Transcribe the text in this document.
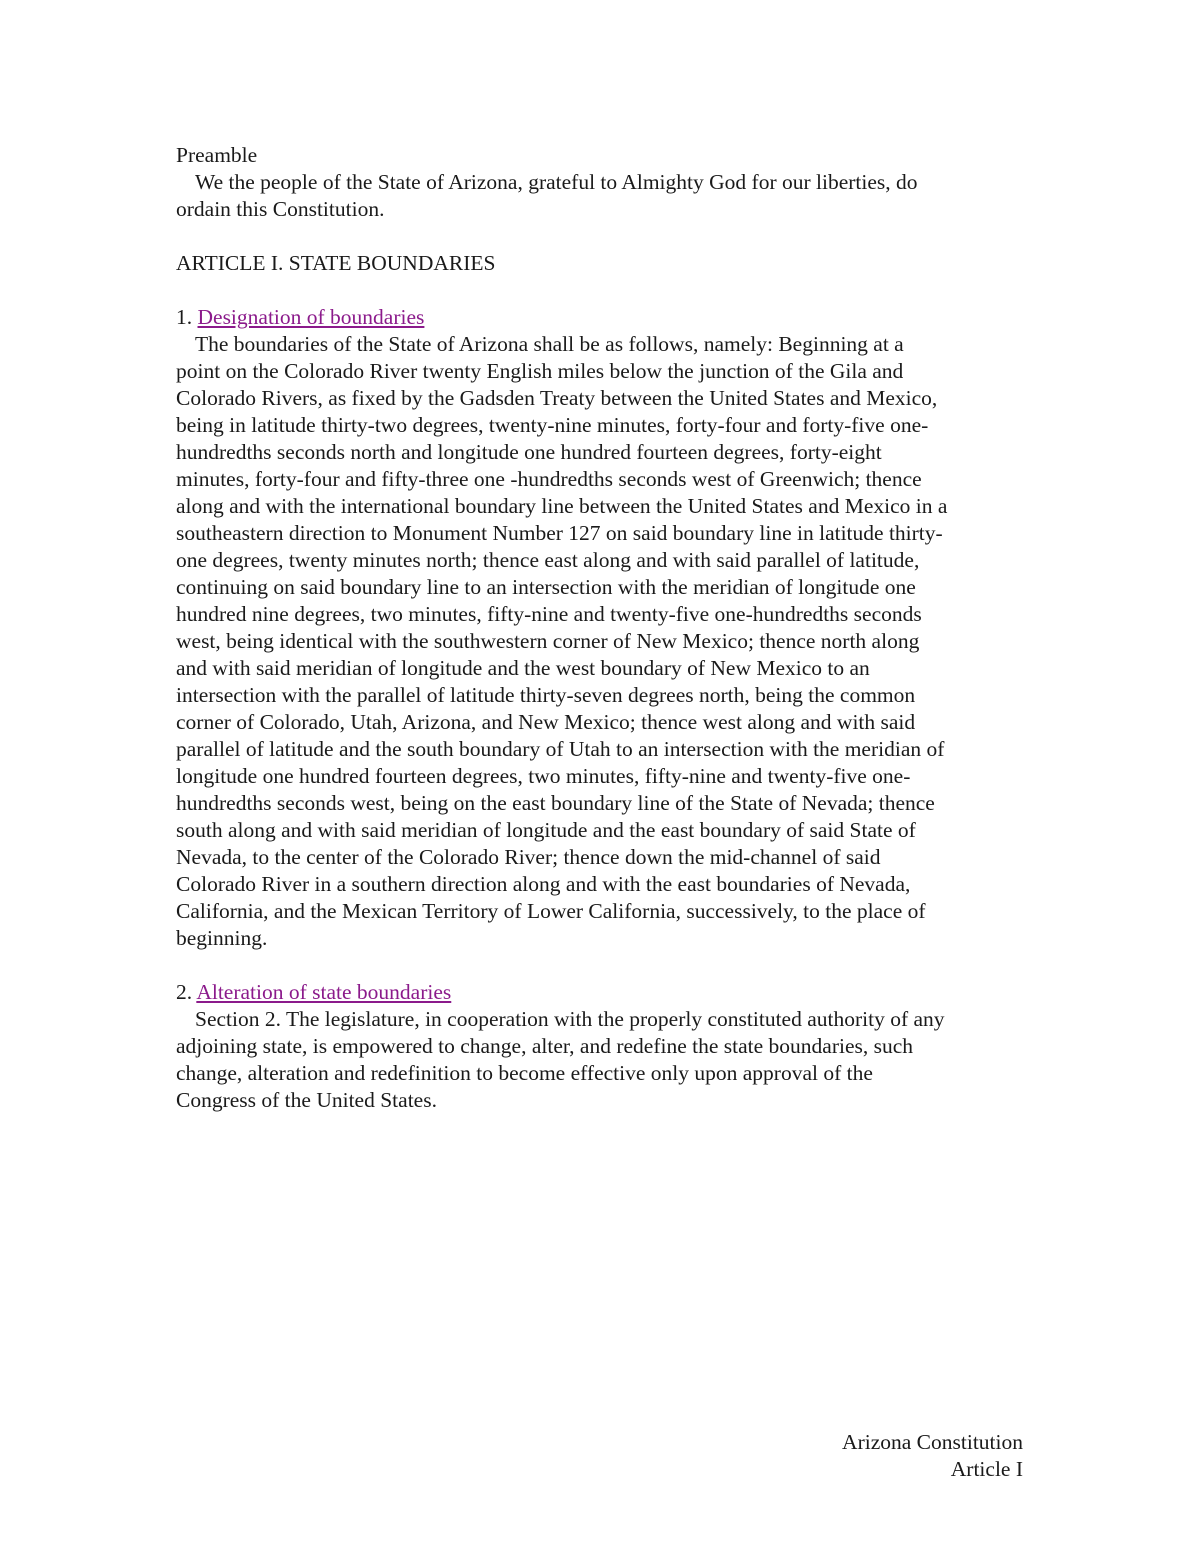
Preamble
We the people of the State of Arizona, grateful to Almighty God for our liberties, do
ordain this Constitution.
ARTICLE I. STATE BOUNDARIES
1. Designation of boundaries
The boundaries of the State of Arizona shall be as follows, namely: Beginning at a
point on the Colorado River twenty English miles below the junction of the Gila and
Colorado Rivers, as fixed by the Gadsden Treaty between the United States and Mexico,
being in latitude thirty-two degrees, twenty-nine minutes, forty-four and forty-five one-
hundredths seconds north and longitude one hundred fourteen degrees, forty-eight
minutes, forty-four and fifty-three one -hundredths seconds west of Greenwich; thence
along and with the international boundary line between the United States and Mexico in a
southeastern direction to Monument Number 127 on said boundary line in latitude thirty-
one degrees, twenty minutes north; thence east along and with said parallel of latitude,
continuing on said boundary line to an intersection with the meridian of longitude one
hundred nine degrees, two minutes, fifty-nine and twenty-five one-hundredths seconds
west, being identical with the southwestern corner of New Mexico; thence north along
and with said meridian of longitude and the west boundary of New Mexico to an
intersection with the parallel of latitude thirty-seven degrees north, being the common
corner of Colorado, Utah, Arizona, and New Mexico; thence west along and with said
parallel of latitude and the south boundary of Utah to an intersection with the meridian of
longitude one hundred fourteen degrees, two minutes, fifty-nine and twenty-five one-
hundredths seconds west, being on the east boundary line of the State of Nevada; thence
south along and with said meridian of longitude and the east boundary of said State of
Nevada, to the center of the Colorado River; thence down the mid-channel of said
Colorado River in a southern direction along and with the east boundaries of Nevada,
California, and the Mexican Territory of Lower California, successively, to the place of
beginning.
2. Alteration of state boundaries
Section 2. The legislature, in cooperation with the properly constituted authority of any
adjoining state, is empowered to change, alter, and redefine the state boundaries, such
change, alteration and redefinition to become effective only upon approval of the
Congress of the United States.
Arizona Constitution
Article I
